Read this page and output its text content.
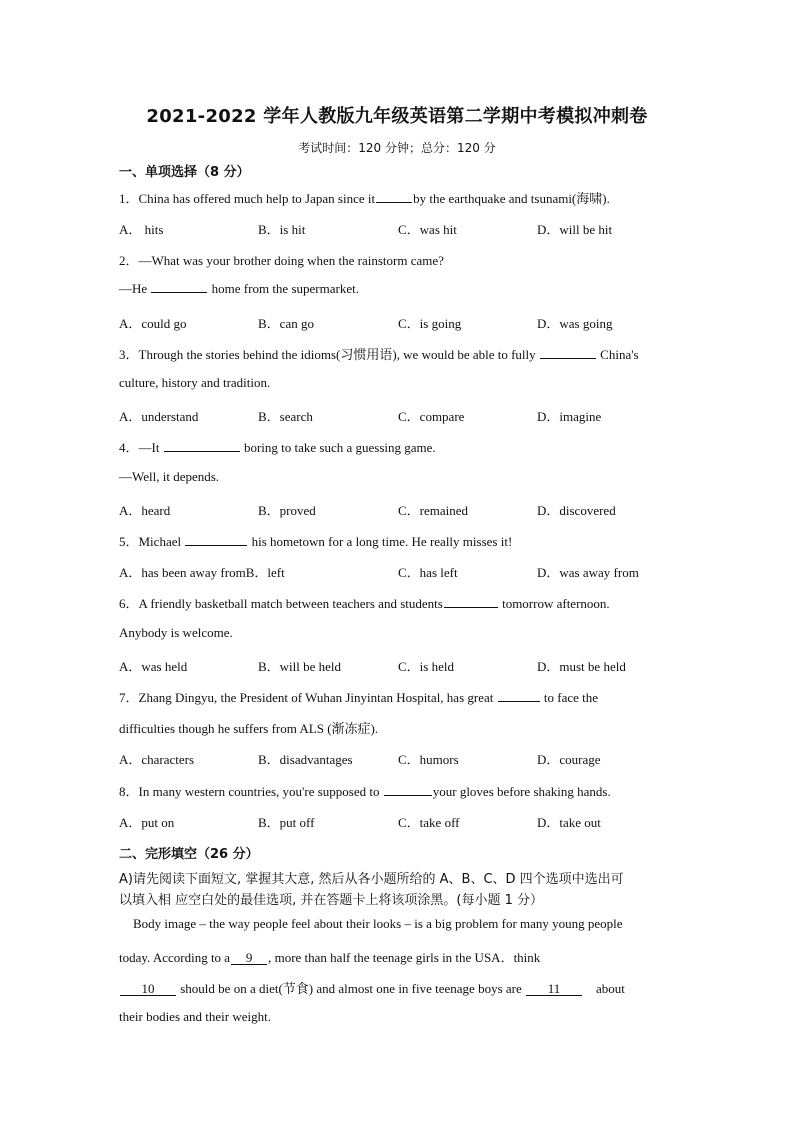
2021-2022 学年人教版九年级英语第二学期中考模拟冲刺卷
考试时间：120 分钟；总分：120 分
一、单项选择（8 分）
1．China has offered much help to Japan since it	by the earthquake and tsunami(海啸).
A． hits	B．is hit	C．was hit	D．will be hit
2．—What was your brother doing when the rainstorm came?
—He	home from the supermarket.
A．could go	B．can go	C．is going	D．was going
3．Through the stories behind the idioms(习惯用语), we would be able to fully	China's
culture, history and tradition.
A．understand	B．search	C．compare	D．imagine
4．—It	boring to take such a guessing game.
—Well, it depends.
A．heard	B．proved	C．remained	D．discovered
5．Michael	his hometown for a long time. He really misses it!
A．has been away fromB．left	C．has left	D．was away from
6．A friendly basketball match between teachers and students	tomorrow afternoon.
Anybody is welcome.
A．was held	B．will be held	C．is held	D．must be held
7．Zhang Dingyu, the President of Wuhan Jinyintan Hospital, has great	to face the
difficulties though he suffers from ALS (渐冻症).
A．characters	B．disadvantages	C．humors	D．courage
8．In many western countries, you're supposed to	your gloves before shaking hands.
A．put on	B．put off	C．take off	D．take out
二、完形填空（26 分）
A)请先阅读下面短文, 掌握其大意, 然后从各小题所给的 A、B、C、D 四个选项中选出可
以填入相 应空白处的最佳选项, 并在答题卡上将该项涂黑。(每小题 1 分）
Body image – the way people feel about their looks – is a big problem for many young people
today. According to a 9 , more than half the teenage girls in the USA．think
10 should be on a diet(节食) and almost one in five teenage boys are 11	about
their bodies and their weight.
